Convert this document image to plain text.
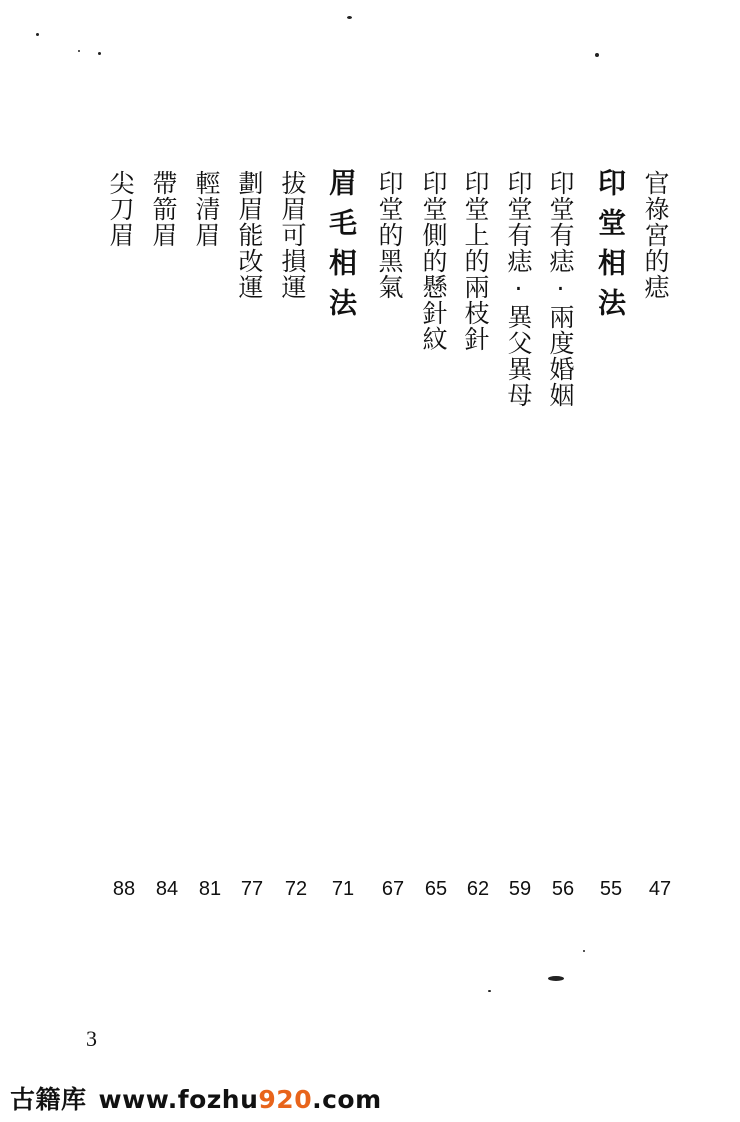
官祿宮的痣
印堂相法
印堂有痣·兩度婚姻
印堂有痣·異父異母
印堂上的兩枝針
印堂側的懸針紋
印堂的黑氣
眉毛相法
拔眉可損運
劃眉能改運
輕清眉
帶箭眉
尖刀眉
47
55
56
59
62
65
67
71
72
77
81
84
88
3
古籍库 www.fozhu920.com
